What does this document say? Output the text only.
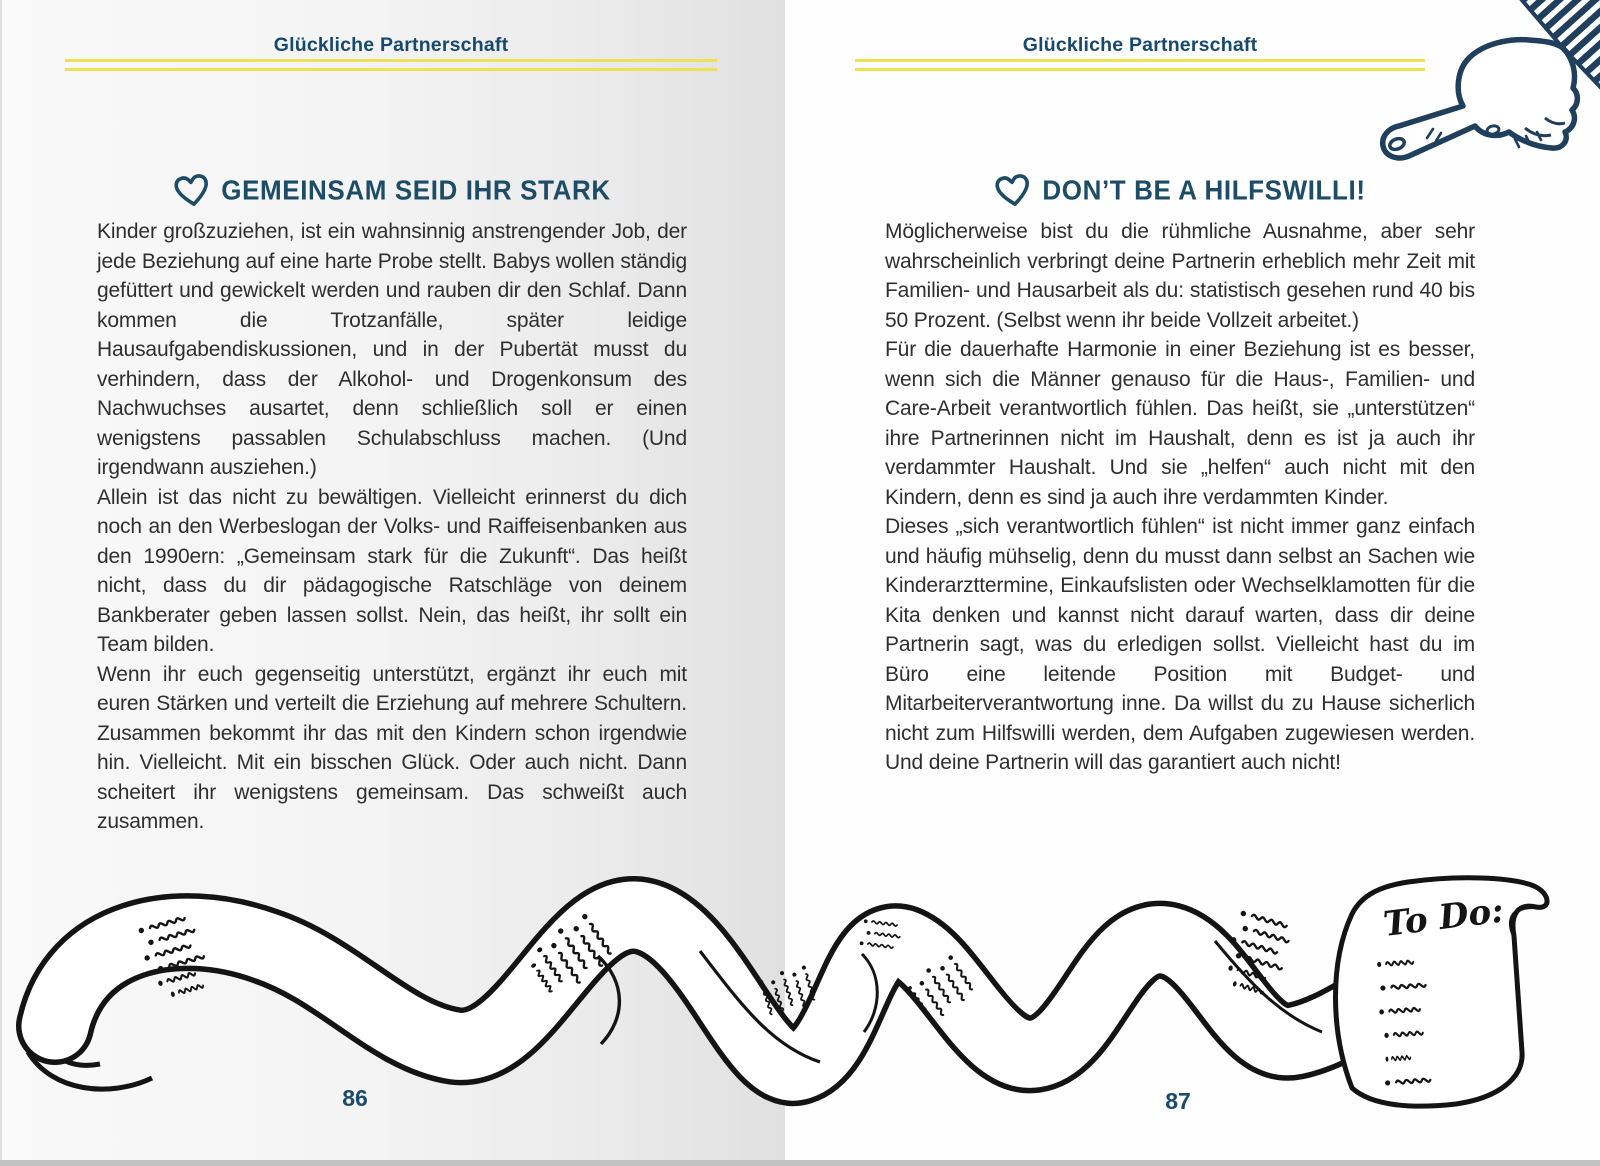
Glückliche Partnerschaft	Glückliche Partnerschaft
GEMEINSAM SEID IHR STARK	DON’T BE A HILFSWILLI!

Kinder großzuziehen, ist ein wahnsinnig anstrengender Job, der jede Beziehung auf eine harte Probe stellt. Babys wollen ständig gefüttert und gewickelt werden und rauben dir den Schlaf. Dann kommen die Trotzanfälle, später leidige Hausaufgabendiskussionen, und in der Pubertät musst du verhindern, dass der Alkohol- und Drogenkonsum des Nachwuchses ausartet, denn schließlich soll er einen wenigstens passablen Schulabschluss machen. (Und irgendwann ausziehen.)

Allein ist das nicht zu bewältigen. Vielleicht erinnerst du dich noch an den Werbeslogan der Volks- und Raiffeisenbanken aus den 1990ern: „Gemeinsam stark für die Zukunft“. Das heißt nicht, dass du dir pädagogische Ratschläge von deinem Bankberater geben lassen sollst. Nein, das heißt, ihr sollt ein Team bilden.

Wenn ihr euch gegenseitig unterstützt, ergänzt ihr euch mit euren Stärken und verteilt die Erziehung auf mehrere Schultern. Zusammen bekommt ihr das mit den Kindern schon irgendwie hin. Vielleicht. Mit ein bisschen Glück. Oder auch nicht. Dann scheitert ihr wenigstens gemeinsam. Das schweißt auch zusammen.

Möglicherweise bist du die rühmliche Ausnahme, aber sehr wahrscheinlich verbringt deine Partnerin erheblich mehr Zeit mit Familien- und Hausarbeit als du: statistisch gesehen rund 40 bis 50 Prozent. (Selbst wenn ihr beide Vollzeit arbeitet.)

Für die dauerhafte Harmonie in einer Beziehung ist es besser, wenn sich die Männer genauso für die Haus-, Familien- und Care-Arbeit verantwortlich fühlen. Das heißt, sie „unterstützen“ ihre Partnerinnen nicht im Haushalt, denn es ist ja auch ihr verdammter Haushalt. Und sie „helfen“ auch nicht mit den Kindern, denn es sind ja auch ihre verdammten Kinder.

Dieses „sich verantwortlich fühlen“ ist nicht immer ganz einfach und häufig mühselig, denn du musst dann selbst an Sachen wie Kinderarzttermine, Einkaufslisten oder Wechselklamotten für die Kita denken und kannst nicht darauf warten, dass dir deine Partnerin sagt, was du erledigen sollst. Vielleicht hast du im Büro eine leitende Position mit Budget- und Mitarbeiterverantwortung inne. Da willst du zu Hause sicherlich nicht zum Hilfswilli werden, dem Aufgaben zugewiesen werden. Und deine Partnerin will das garantiert auch nicht!

To Do:
86	87
